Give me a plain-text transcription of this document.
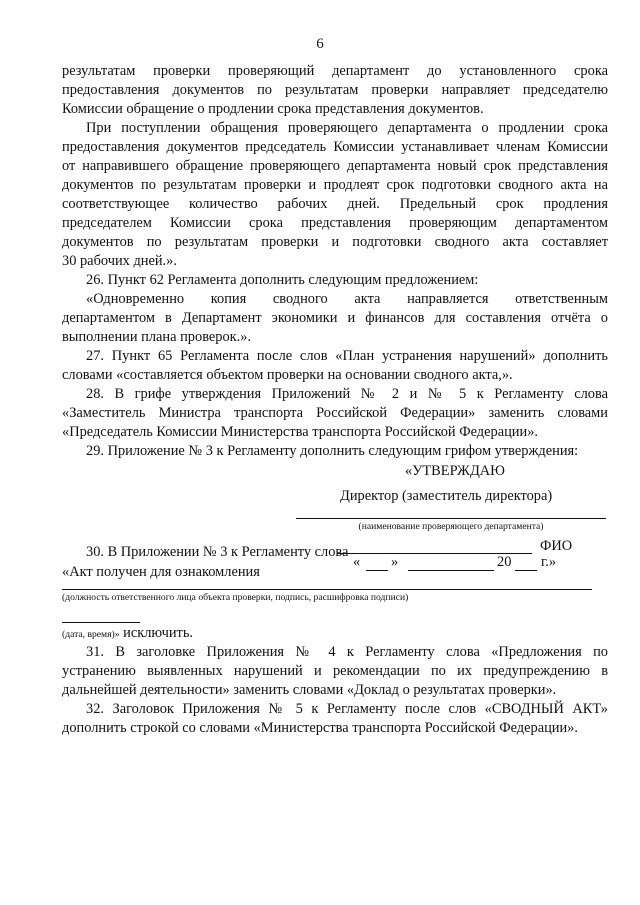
6
результатам проверки проверяющий департамент до установленного срока
предоставления документов по результатам проверки направляет председателю
Комиссии обращение о продлении срока представления документов.
При поступлении обращения проверяющего департамента о продлении срока
предоставления документов председатель Комиссии устанавливает членам Комиссии
от направившего обращение проверяющего департамента новый срок представления
документов по результатам проверки и продлеят срок подготовки сводного акта на
соответствующее количество рабочих дней. Предельный срок продления
председателем Комиссии срока представления проверяющим департаментом
документов по результатам проверки и подготовки сводного акта составляет
30 рабочих дней.».
26. Пункт 62 Регламента дополнить следующим предложением:
«Одновременно копия сводного акта направляется ответственным
департаментом в Департамент экономики и финансов для составления отчёта о
выполнении плана проверок.».
27. Пункт 65 Регламента после слов «План устранения нарушений» дополнить
словами «составляется объектом проверки на основании сводного акта,».
28. В грифе утверждения Приложений № 2 и № 5 к Регламенту слова
«Заместитель Министра транспорта Российской Федерации» заменить словами
«Председатель Комиссии Министерства транспорта Российской Федерации».
29. Приложение № 3 к Регламенту дополнить следующим грифом утверждения:
«УТВЕРЖДАЮ
Директор (заместитель директора)
(наименование проверяющего департамента)
ФИО
«	»	20	г.»
30. В Приложении № 3 к Регламенту слова
«Акт получен для ознакомления
(должность ответственного лица объекта проверки, подпись, расшифровка подписи)
(дата, время)» исключить.
31. В заголовке Приложения № 4 к Регламенту слова «Предложения по
устранению выявленных нарушений и рекомендации по их предупреждению в
дальнейшей деятельности» заменить словами «Доклад о результатах проверки».
32. Заголовок Приложения № 5 к Регламенту после слов «СВОДНЫЙ АКТ»
дополнить строкой со словами «Министерства транспорта Российской Федерации».
